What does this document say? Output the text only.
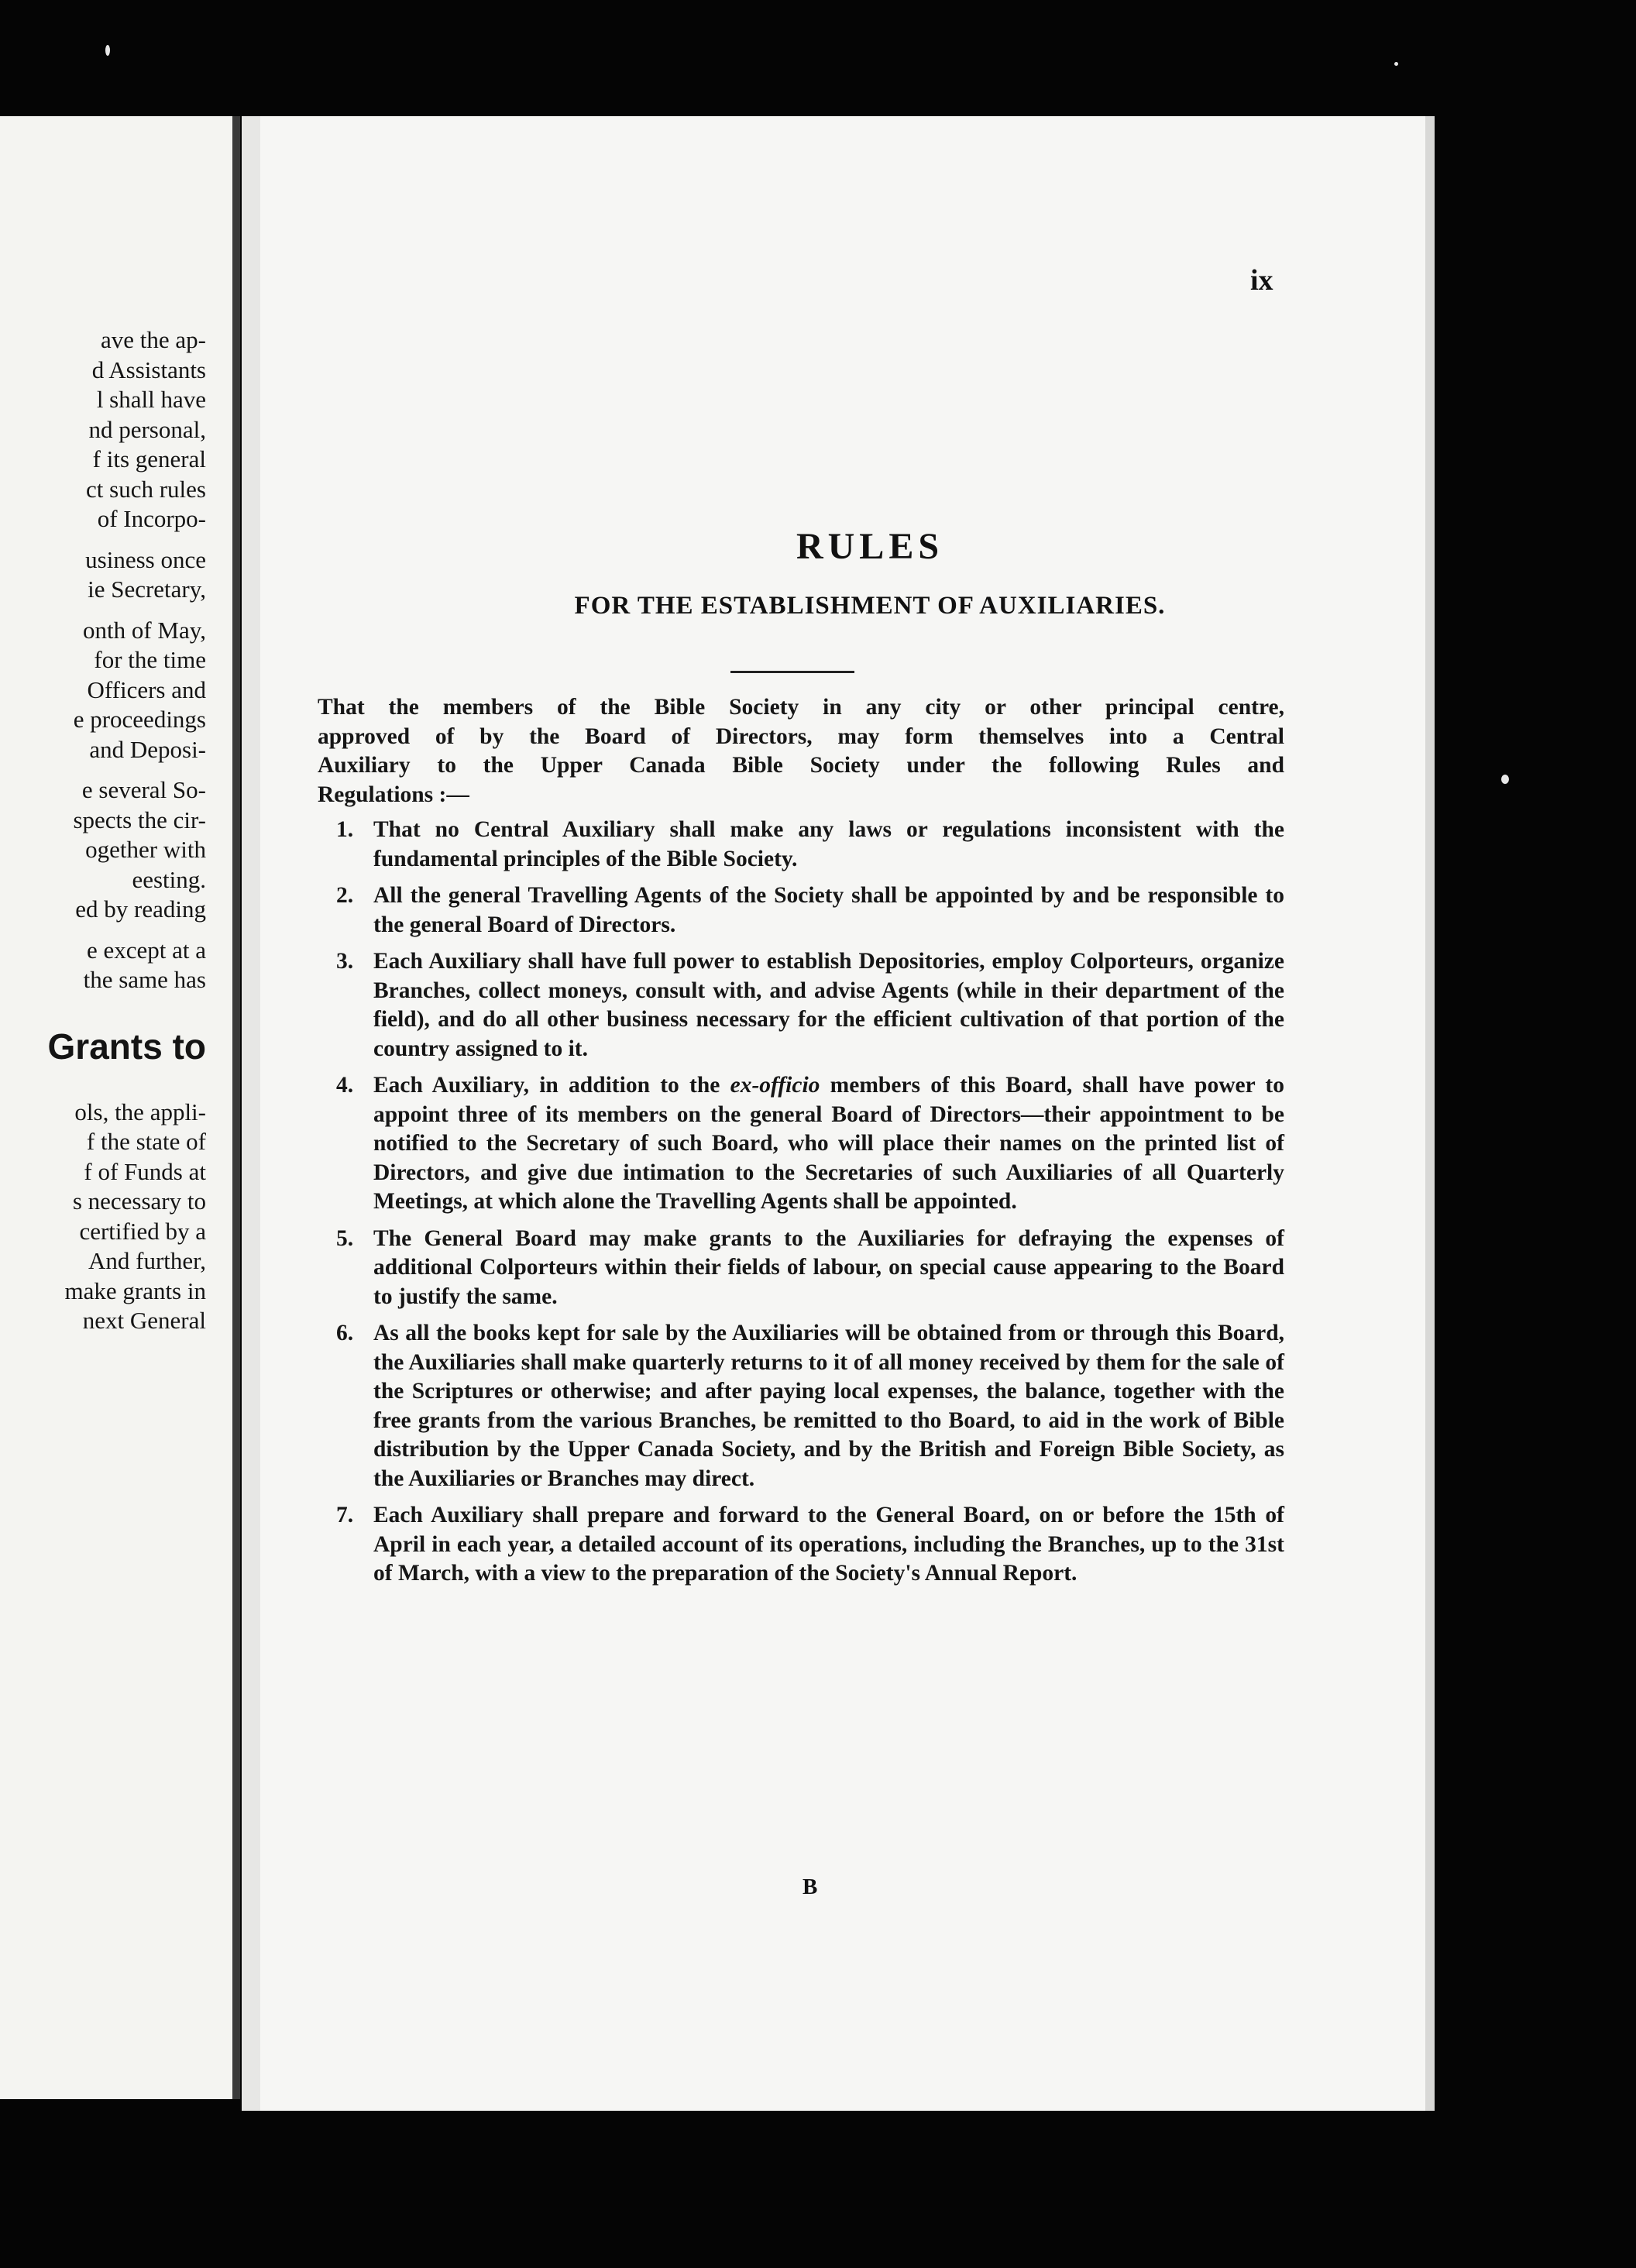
ave the ap-
d Assistants
l shall have
nd personal,
f its general
ct such rules
of Incorpo-
usiness once
ie Secretary,
onth of May,
for the time
Officers and
e proceedings
and Deposi-
e several So-
spects the cir-
ogether with
eesting.
ed by reading
e except at a
the same has
Grants to
ols, the appli-
f the state of
f of Funds at
s necessary to
certified by a
And further,
make grants in
next General
ix
RULES
FOR THE ESTABLISHMENT OF AUXILIARIES.
That the members of the Bible Society in any city or other principal centre,
approved of by the Board of Directors, may form themselves into a Central
Auxiliary to the Upper Canada Bible Society under the following Rules and
Regulations :—
1. That no Central Auxiliary shall make any laws or regulations inconsistent with the fundamental principles of the Bible Society.
2. All the general Travelling Agents of the Society shall be appointed by and be responsible to the general Board of Directors.
3. Each Auxiliary shall have full power to establish Depositories, employ Colporteurs, organize Branches, collect moneys, consult with, and advise Agents (while in their department of the field), and do all other business necessary for the efficient cultivation of that portion of the country assigned to it.
4. Each Auxiliary, in addition to the ex-officio members of this Board, shall have power to appoint three of its members on the general Board of Directors—their appointment to be notified to the Secretary of such Board, who will place their names on the printed list of Directors, and give due intimation to the Secretaries of such Auxiliaries of all Quarterly Meetings, at which alone the Travelling Agents shall be appointed.
5. The General Board may make grants to the Auxiliaries for defraying the expenses of additional Colporteurs within their fields of labour, on special cause appearing to the Board to justify the same.
6. As all the books kept for sale by the Auxiliaries will be obtained from or through this Board, the Auxiliaries shall make quarterly returns to it of all money received by them for the sale of the Scriptures or otherwise; and after paying local expenses, the balance, together with the free grants from the various Branches, be remitted to tho Board, to aid in the work of Bible distribution by the Upper Canada Society, and by the British and Foreign Bible Society, as the Auxiliaries or Branches may direct.
7. Each Auxiliary shall prepare and forward to the General Board, on or before the 15th of April in each year, a detailed account of its operations, including the Branches, up to the 31st of March, with a view to the preparation of the Society's Annual Report.
B
